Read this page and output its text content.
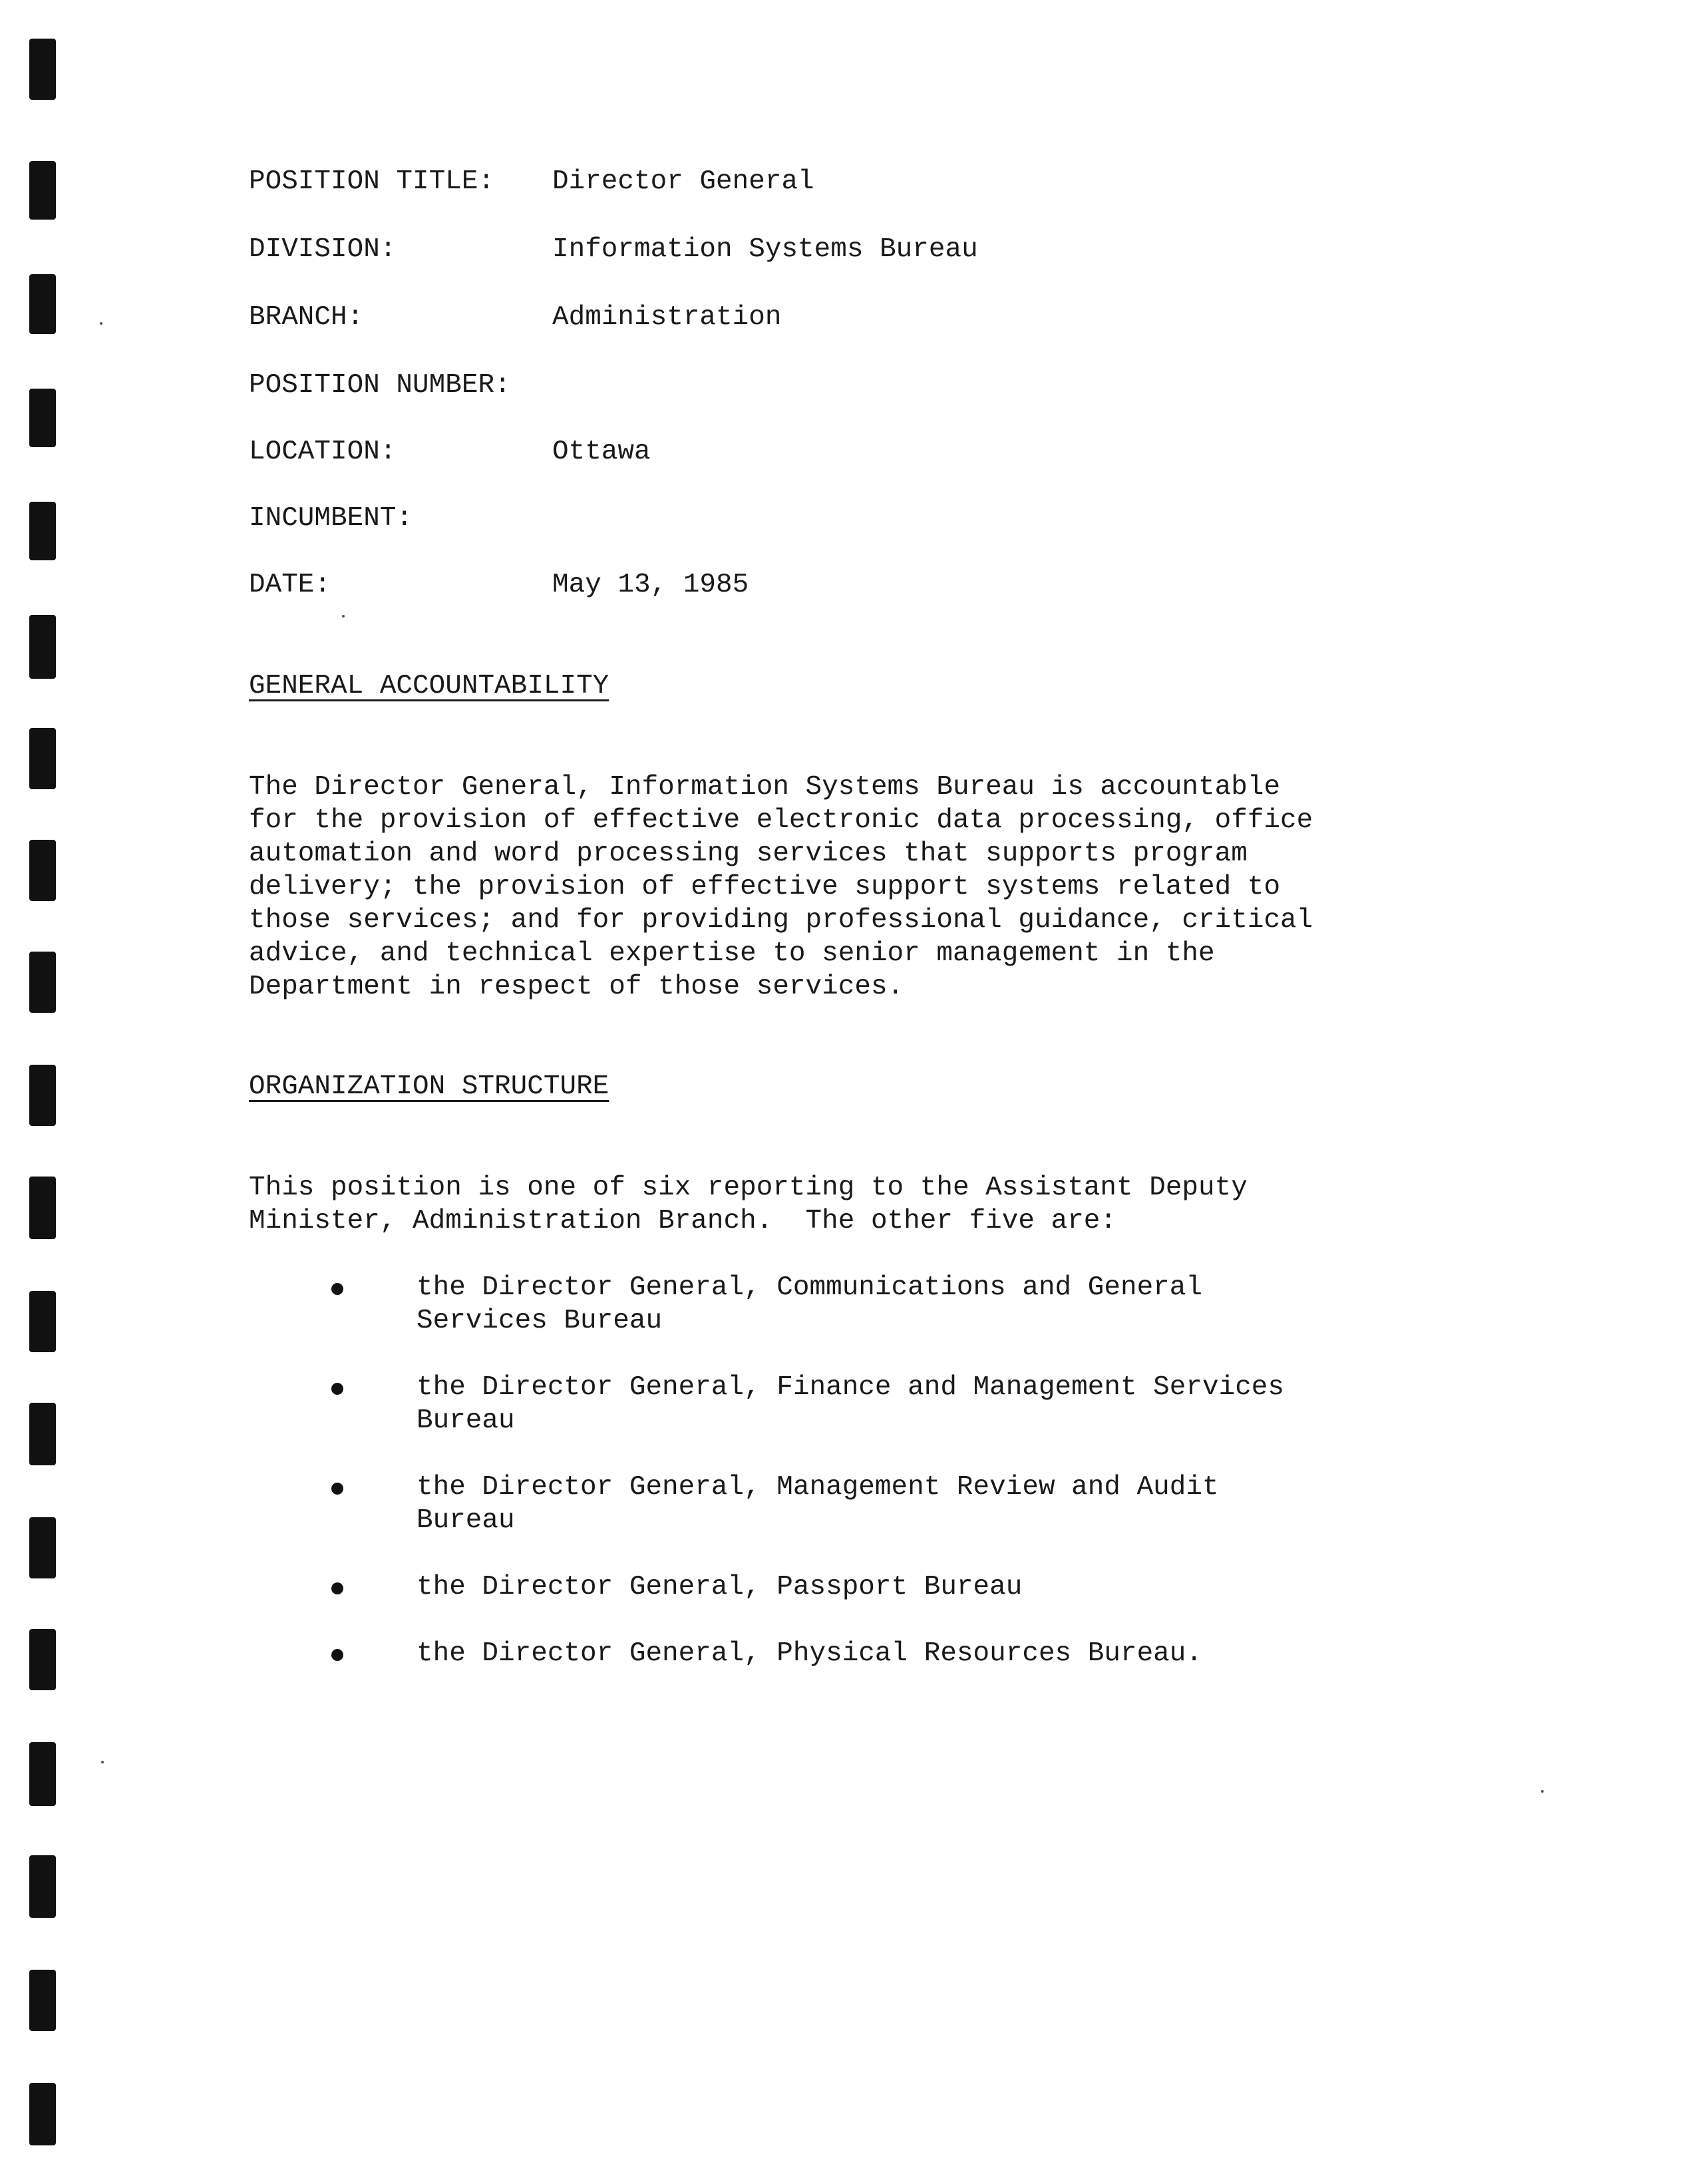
POSITION TITLE:

Director General

DIVISION:

	Information Systems Bureau

BRANCH:

	Administration

POSITION NUMBER:

LOCATION:

	Ottawa

INCUMBENT:

DATE:

	May 13, 1985

GENERAL ACCOUNTABILITY

The Director General, Information Systems Bureau is accountable
for the provision of effective electronic data processing, office
automation and word processing services that supports program
delivery; the provision of effective support systems related to
those services; and for providing professional guidance, critical
advice, and technical expertise to senior management in the
Department in respect of those services.

ORGANIZATION STRUCTURE

This position is one of six reporting to the Assistant Deputy
Minister, Administration Branch.  The other five are:

the Director General, Communications and General
Services Bureau

the Director General, Finance and Management Services
Bureau

the Director General, Management Review and Audit
Bureau

the Director General, Passport Bureau

the Director General, Physical Resources Bureau.
